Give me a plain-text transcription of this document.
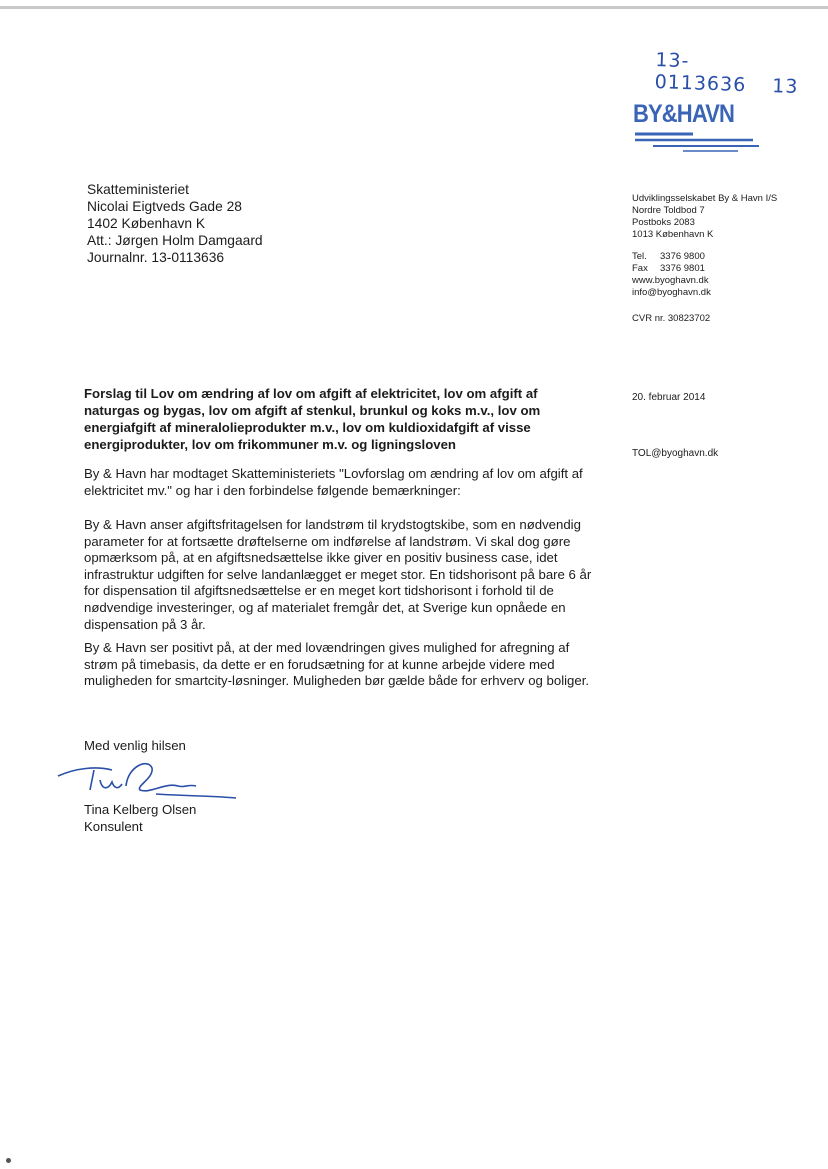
13-0113636 13
BY&HAVN
Skatteministeriet
Nicolai Eigtveds Gade 28
1402 København K
Att.: Jørgen Holm Damgaard
Journalnr. 13-0113636
Udviklingsselskabet By & Havn I/S
Nordre Toldbod 7
Postboks 2083
1013 København K
Tel. 3376 9800
Fax 3376 9801
www.byoghavn.dk
info@byoghavn.dk
CVR nr. 30823702
20. februar 2014
TOL@byoghavn.dk
Forslag til Lov om ændring af lov om afgift af elektricitet, lov om afgift af naturgas og bygas, lov om afgift af stenkul, brunkul og koks m.v., lov om energiafgift af mineralolieprodukter m.v., lov om kuldioxidafgift af visse energiprodukter, lov om frikommuner m.v. og ligningsloven
By & Havn har modtaget Skatteministeriets "Lovforslag om ændring af lov om afgift af elektricitet mv." og har i den forbindelse følgende bemærkninger:
By & Havn anser afgiftsfritagelsen for landstrøm til krydstogtskibe, som en nødvendig parameter for at fortsætte drøftelserne om indførelse af landstrøm. Vi skal dog gøre opmærksom på, at en afgiftsnedsættelse ikke giver en positiv business case, idet infrastruktur udgiften for selve landanlægget er meget stor. En tidshorisont på bare 6 år for dispensation til afgiftsnedsættelse er en meget kort tidshorisont i forhold til de nødvendige investeringer, og af materialet fremgår det, at Sverige kun opnåede en dispensation på 3 år.
By & Havn ser positivt på, at der med lovændringen gives mulighed for afregning af strøm på timebasis, da dette er en forudsætning for at kunne arbejde videre med muligheden for smartcity-løsninger. Muligheden bør gælde både for erhverv og boliger.
Med venlig hilsen
Tina Kelberg Olsen
Konsulent
